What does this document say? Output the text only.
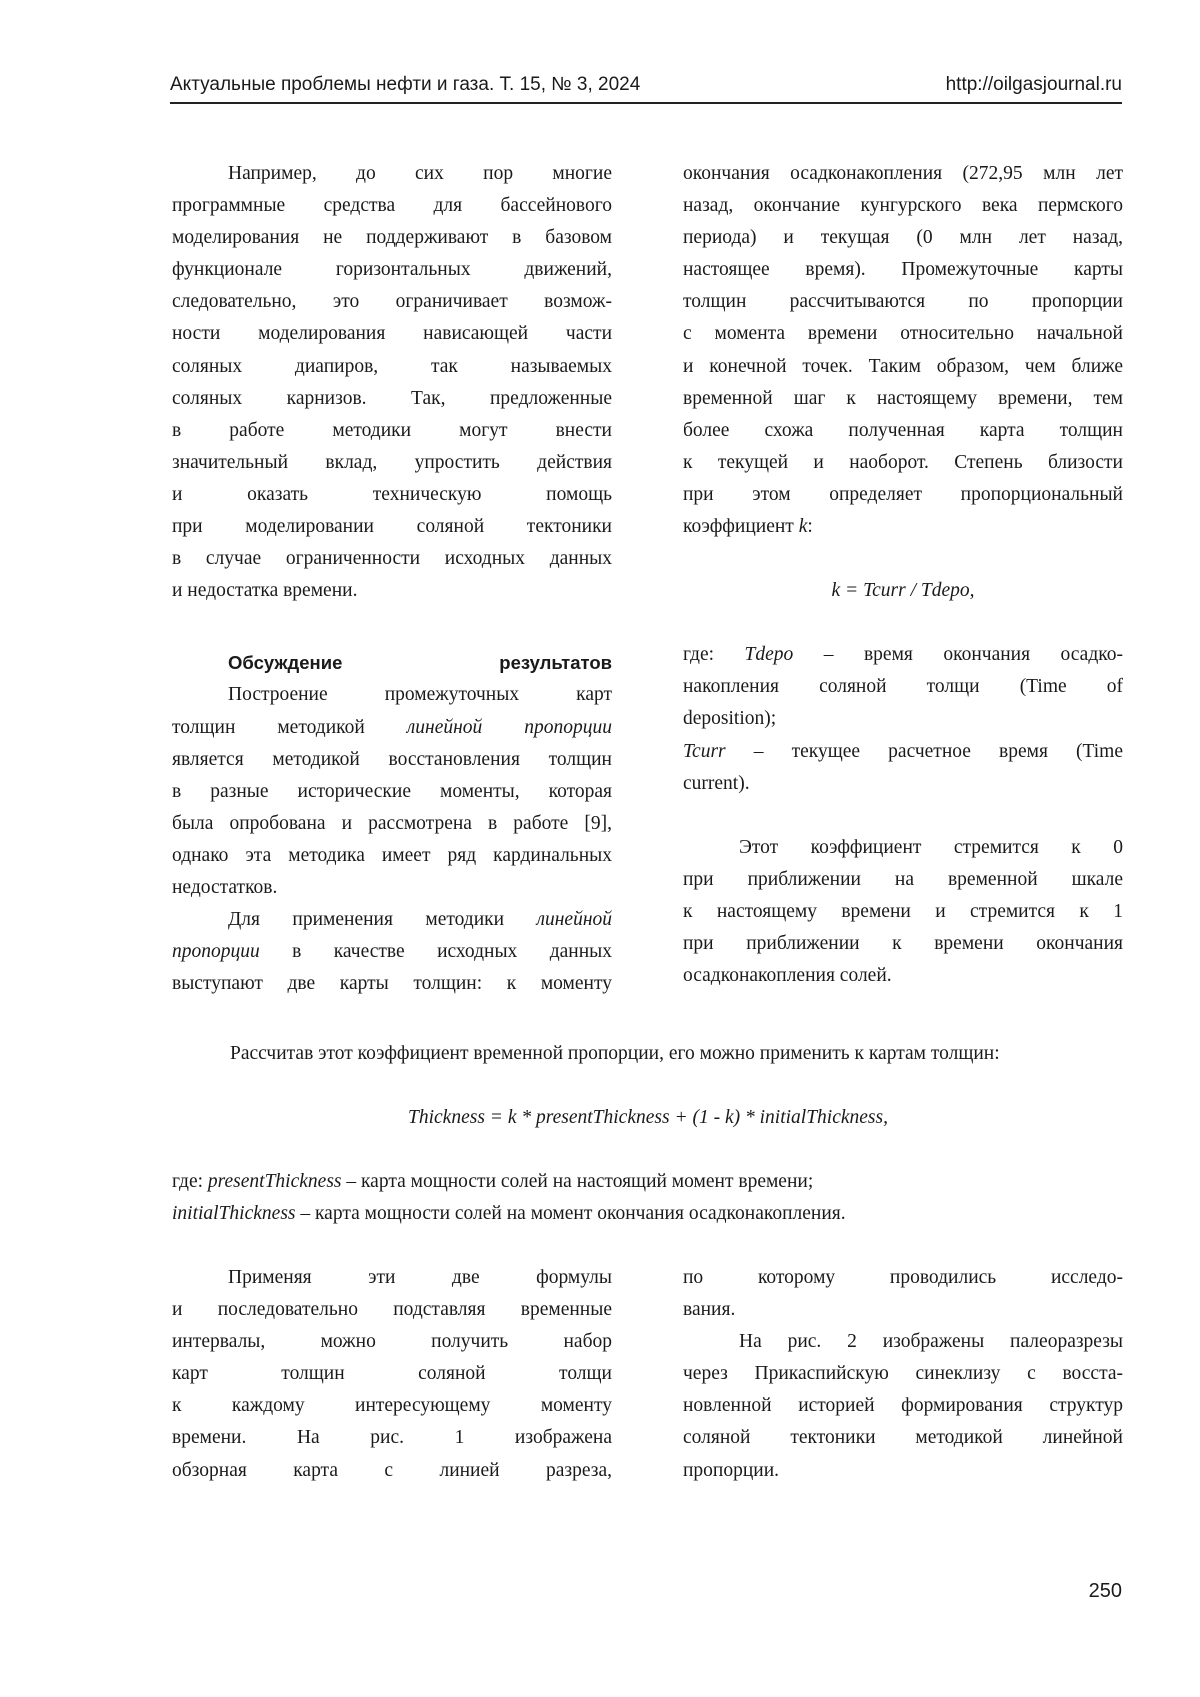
Актуальные проблемы нефти и газа. Т. 15, № 3, 2024	http://oilgasjournal.ru

Например, до сих пор многие

программные средства для бассейнового

моделирования не поддерживают в базовом

функционале горизонтальных движений,

следовательно, это ограничивает возмож-

ности моделирования нависающей части

соляных диапиров, так называемых

соляных карнизов. Так, предложенные

в работе методики могут внести

значительный вклад, упростить действия

и оказать техническую помощь

при моделировании соляной тектоники

в случае ограниченности исходных данных

и недостатка времени.

Обсуждение результатов

Построение промежуточных карт

толщин методикой линейной пропорции

является методикой восстановления толщин

в разные исторические моменты, которая

была опробована и рассмотрена в работе [9],

однако эта методика имеет ряд кардинальных

недостатков.

Для применения методики линейной

пропорции в качестве исходных данных

выступают две карты толщин: к моменту

окончания осадконакопления (272,95 млн лет

назад, окончание кунгурского века пермского

периода) и текущая (0 млн лет назад,

настоящее время). Промежуточные карты

толщин рассчитываются по пропорции

с момента времени относительно начальной

и конечной точек. Таким образом, чем ближе

временной шаг к настоящему времени, тем

более схожа полученная карта толщин

к текущей и наоборот. Степень близости

при этом определяет пропорциональный

коэффициент k:

k = Tcurr / Tdepo,

где: Tdepo – время окончания осадко-

накопления соляной толщи (Time of

deposition);

Tcurr – текущее расчетное время (Time

current).

Этот коэффициент стремится к 0

при приближении на временной шкале

к настоящему времени и стремится к 1

при приближении к времени окончания

осадконакопления солей.

Рассчитав этот коэффициент временной пропорции, его можно применить к картам толщин:

Thickness = k * presentThickness + (1 - k) * initialThickness,

где: presentThickness – карта мощности солей на настоящий момент времени;

initialThickness – карта мощности солей на момент окончания осадконакопления.

Применяя эти две формулы

и последовательно подставляя временные

интервалы, можно получить набор

карт толщин соляной толщи

к каждому интересующему моменту

времени. На рис. 1 изображена

обзорная карта с линией разреза,

по которому проводились исследо-

вания.

На рис. 2 изображены палеоразрезы

через Прикаспийскую синеклизу с восста-

новленной историей формирования структур

соляной тектоники методикой линейной

пропорции.

250
